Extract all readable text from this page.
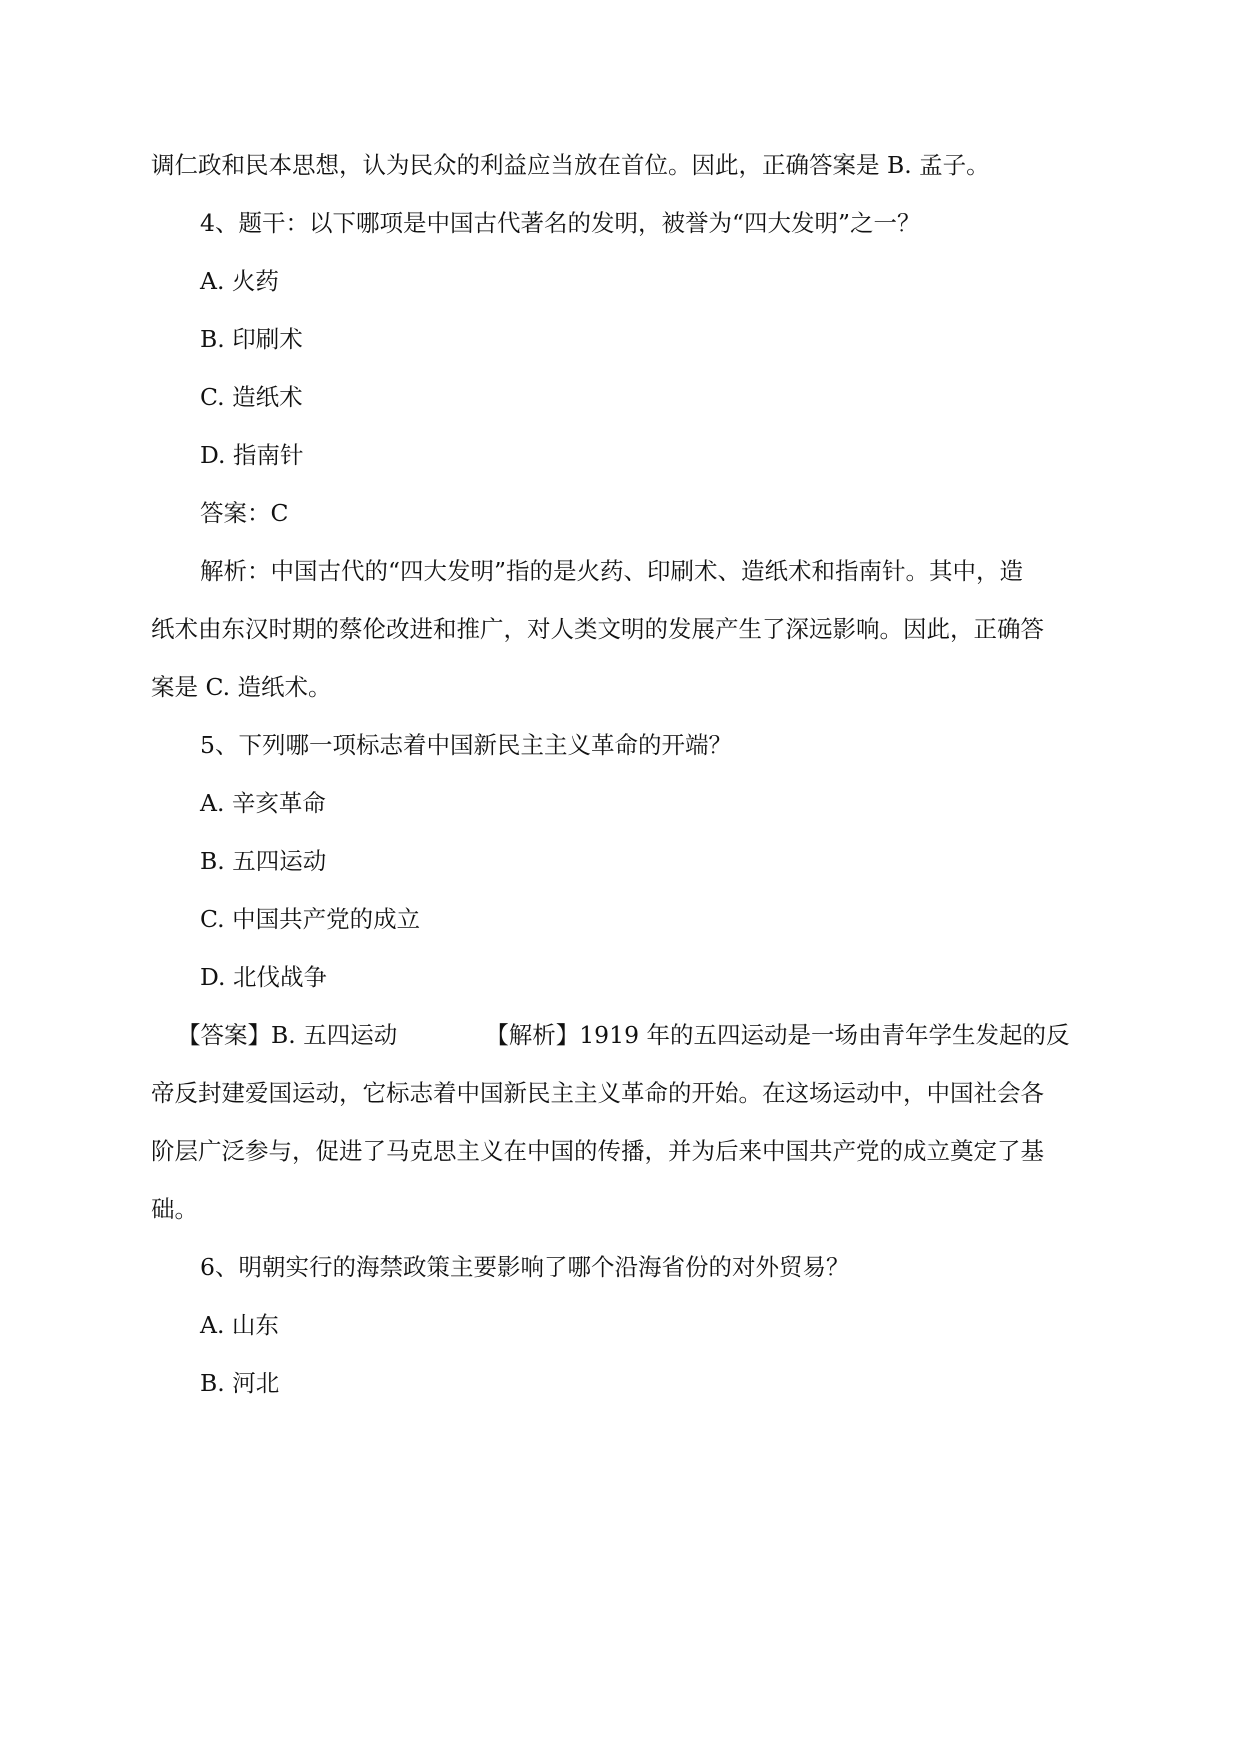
调仁政和民本思想，认为民众的利益应当放在首位。因此，正确答案是 B. 孟子。

4、题干：以下哪项是中国古代著名的发明，被誉为“四大发明”之一？

A. 火药

B. 印刷术

C. 造纸术

D. 指南针

答案：C

解析：中国古代的“四大发明”指的是火药、印刷术、造纸术和指南针。其中，造

纸术由东汉时期的蔡伦改进和推广，对人类文明的发展产生了深远影响。因此，正确答

案是 C. 造纸术。

5、下列哪一项标志着中国新民主主义革命的开端？

A. 辛亥革命

B. 五四运动

C. 中国共产党的成立

D. 北伐战争

【答案】B. 五四运动	【解析】1919 年的五四运动是一场由青年学生发起的反

帝反封建爱国运动，它标志着中国新民主主义革命的开始。在这场运动中，中国社会各

阶层广泛参与，促进了马克思主义在中国的传播，并为后来中国共产党的成立奠定了基

础。

6、明朝实行的海禁政策主要影响了哪个沿海省份的对外贸易？

A. 山东

B. 河北
